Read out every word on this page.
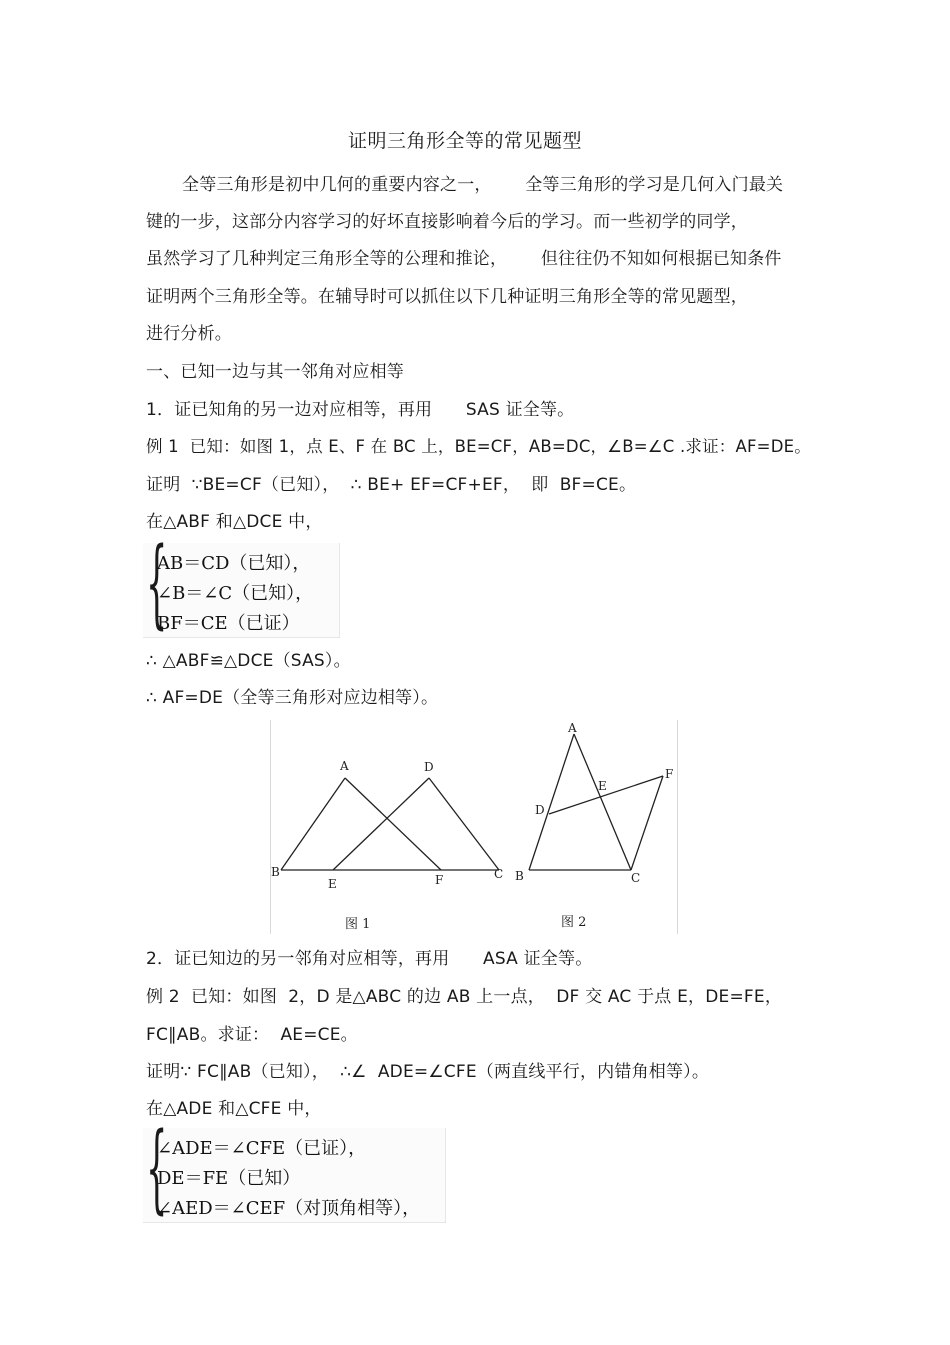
证明三角形全等的常见题型
全等三角形是初中几何的重要内容之一，      全等三角形的学习是几何入门最关
键的一步，这部分内容学习的好坏直接影响着今后的学习。而一些初学的同学，
虽然学习了几种判定三角形全等的公理和推论，      但往往仍不知如何根据已知条件
证明两个三角形全等。在辅导时可以抓住以下几种证明三角形全等的常见题型，
进行分析。
一、已知一边与其一邻角对应相等
1．证已知角的另一边对应相等，再用      SAS 证全等。
例 1  已知：如图 1，点 E、F 在 BC 上，BE=CF，AB=DC，∠B=∠C .求证：AF=DE。
证明  ∵BE=CF（已知），  ∴ BE+ EF=CF+EF，  即  BF=CE。
在△ABF 和△DCE 中，
{
AB＝CD（已知），
∠B＝∠C（已知），
BF＝CE（已证）
∴ △ABF≌△DCE（SAS）。
∴ AF=DE（全等三角形对应边相等）。
A	D
B
E	F	C
图 1
A
E
F
D
B	C
图 2
2．证已知边的另一邻角对应相等，再用      ASA 证全等。
例 2  已知：如图  2，D 是△ABC 的边 AB 上一点，  DF 交 AC 于点 E，DE=FE，
FC∥AB。求证：  AE=CE。
证明∵ FC∥AB（已知），  ∴∠  ADE=∠CFE（两直线平行，内错角相等）。
在△ADE 和△CFE 中，
{
∠ADE＝∠CFE（已证），
DE＝FE（已知）
∠AED＝∠CEF（对顶角相等），
